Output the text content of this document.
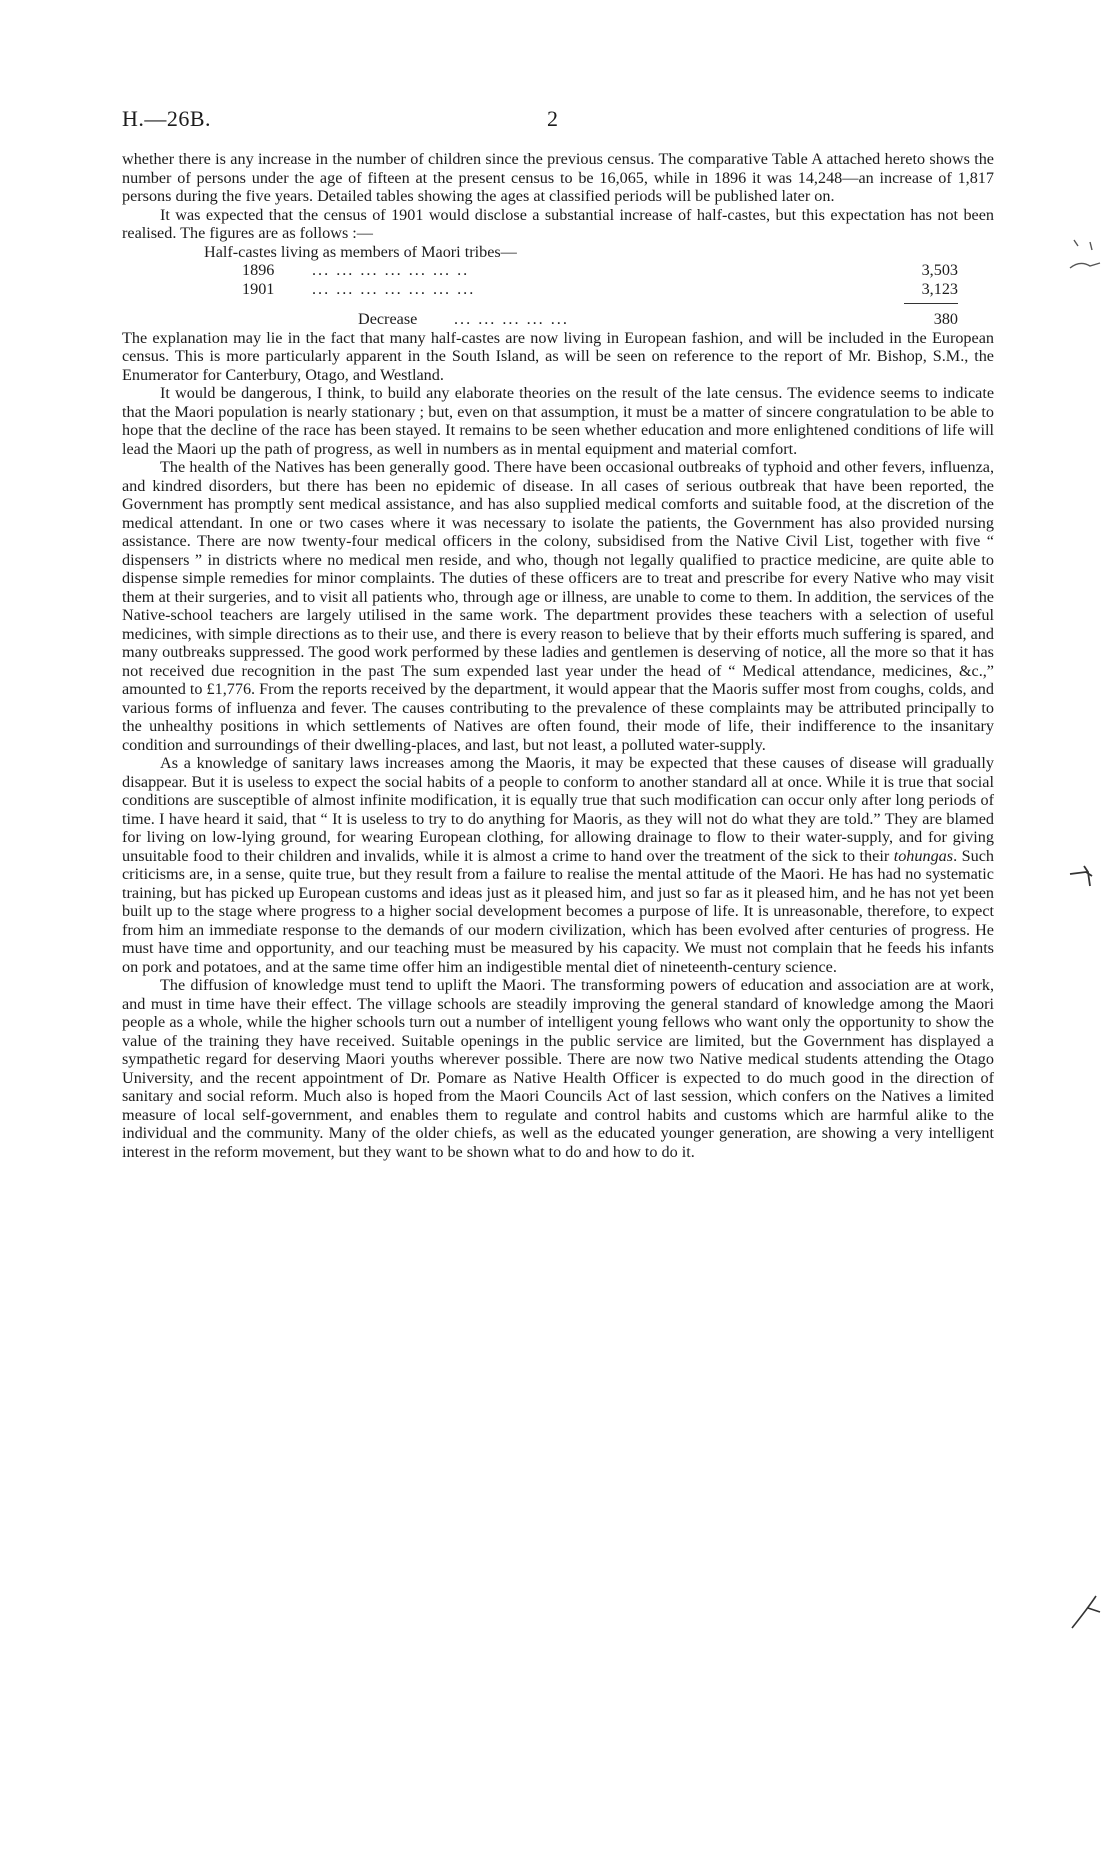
H.—26B.	2

whether there is any increase in the number of children since the previous census. The comparative Table A attached hereto shows the number of persons under the age of fifteen at the present census to be 16,065, while in 1896 it was 14,248—an increase of 1,817 persons during the five years. Detailed tables showing the ages at classified periods will be published later on.

It was expected that the census of 1901 would disclose a substantial increase of half-castes, but this expectation has not been realised. The figures are as follows :—

Half-castes living as members of Maori tribes—
1896 ... ... ... ... ... ... ..	3,503
1901 ... ... ... ... ... ... ...	3,123
Decrease ... ... ... ... ...	380

The explanation may lie in the fact that many half-castes are now living in European fashion, and will be included in the European census. This is more particularly apparent in the South Island, as will be seen on reference to the report of Mr. Bishop, S.M., the Enumerator for Canterbury, Otago, and Westland.

It would be dangerous, I think, to build any elaborate theories on the result of the late census. The evidence seems to indicate that the Maori population is nearly stationary ; but, even on that assumption, it must be a matter of sincere congratulation to be able to hope that the decline of the race has been stayed. It remains to be seen whether education and more enlightened conditions of life will lead the Maori up the path of progress, as well in numbers as in mental equipment and material comfort.

The health of the Natives has been generally good. There have been occasional outbreaks of typhoid and other fevers, influenza, and kindred disorders, but there has been no epidemic of disease. In all cases of serious outbreak that have been reported, the Government has promptly sent medical assistance, and has also supplied medical comforts and suitable food, at the discretion of the medical attendant. In one or two cases where it was necessary to isolate the patients, the Government has also provided nursing assistance. There are now twenty-four medical officers in the colony, subsidised from the Native Civil List, together with five “ dispensers ” in districts where no medical men reside, and who, though not legally qualified to practice medicine, are quite able to dispense simple remedies for minor complaints. The duties of these officers are to treat and prescribe for every Native who may visit them at their surgeries, and to visit all patients who, through age or illness, are unable to come to them. In addition, the services of the Native-school teachers are largely utilised in the same work. The department provides these teachers with a selection of useful medicines, with simple directions as to their use, and there is every reason to believe that by their efforts much suffering is spared, and many outbreaks suppressed. The good work performed by these ladies and gentlemen is deserving of notice, all the more so that it has not received due recognition in the past The sum expended last year under the head of “ Medical attendance, medicines, &c.,” amounted to £1,776. From the reports received by the department, it would appear that the Maoris suffer most from coughs, colds, and various forms of influenza and fever. The causes contributing to the prevalence of these complaints may be attributed principally to the unhealthy positions in which settlements of Natives are often found, their mode of life, their indifference to the insanitary condition and surroundings of their dwelling-places, and last, but not least, a polluted water-supply.

As a knowledge of sanitary laws increases among the Maoris, it may be expected that these causes of disease will gradually disappear. But it is useless to expect the social habits of a people to conform to another standard all at once. While it is true that social conditions are susceptible of almost infinite modification, it is equally true that such modification can occur only after long periods of time. I have heard it said, that “ It is useless to try to do anything for Maoris, as they will not do what they are told.” They are blamed for living on low-lying ground, for wearing European clothing, for allowing drainage to flow to their water-supply, and for giving unsuitable food to their children and invalids, while it is almost a crime to hand over the treatment of the sick to their tohungas. Such criticisms are, in a sense, quite true, but they result from a failure to realise the mental attitude of the Maori. He has had no systematic training, but has picked up European customs and ideas just as it pleased him, and just so far as it pleased him, and he has not yet been built up to the stage where progress to a higher social development becomes a purpose of life. It is unreasonable, therefore, to expect from him an immediate response to the demands of our modern civilization, which has been evolved after centuries of progress. He must have time and opportunity, and our teaching must be measured by his capacity. We must not complain that he feeds his infants on pork and potatoes, and at the same time offer him an indigestible mental diet of nineteenth-century science.

The diffusion of knowledge must tend to uplift the Maori. The transforming powers of education and association are at work, and must in time have their effect. The village schools are steadily improving the general standard of knowledge among the Maori people as a whole, while the higher schools turn out a number of intelligent young fellows who want only the opportunity to show the value of the training they have received. Suitable openings in the public service are limited, but the Government has displayed a sympathetic regard for deserving Maori youths wherever possible. There are now two Native medical students attending the Otago University, and the recent appointment of Dr. Pomare as Native Health Officer is expected to do much good in the direction of sanitary and social reform. Much also is hoped from the Maori Councils Act of last session, which confers on the Natives a limited measure of local self-government, and enables them to regulate and control habits and customs which are harmful alike to the individual and the community. Many of the older chiefs, as well as the educated younger generation, are showing a very intelligent interest in the reform movement, but they want to be shown what to do and how to do it.
